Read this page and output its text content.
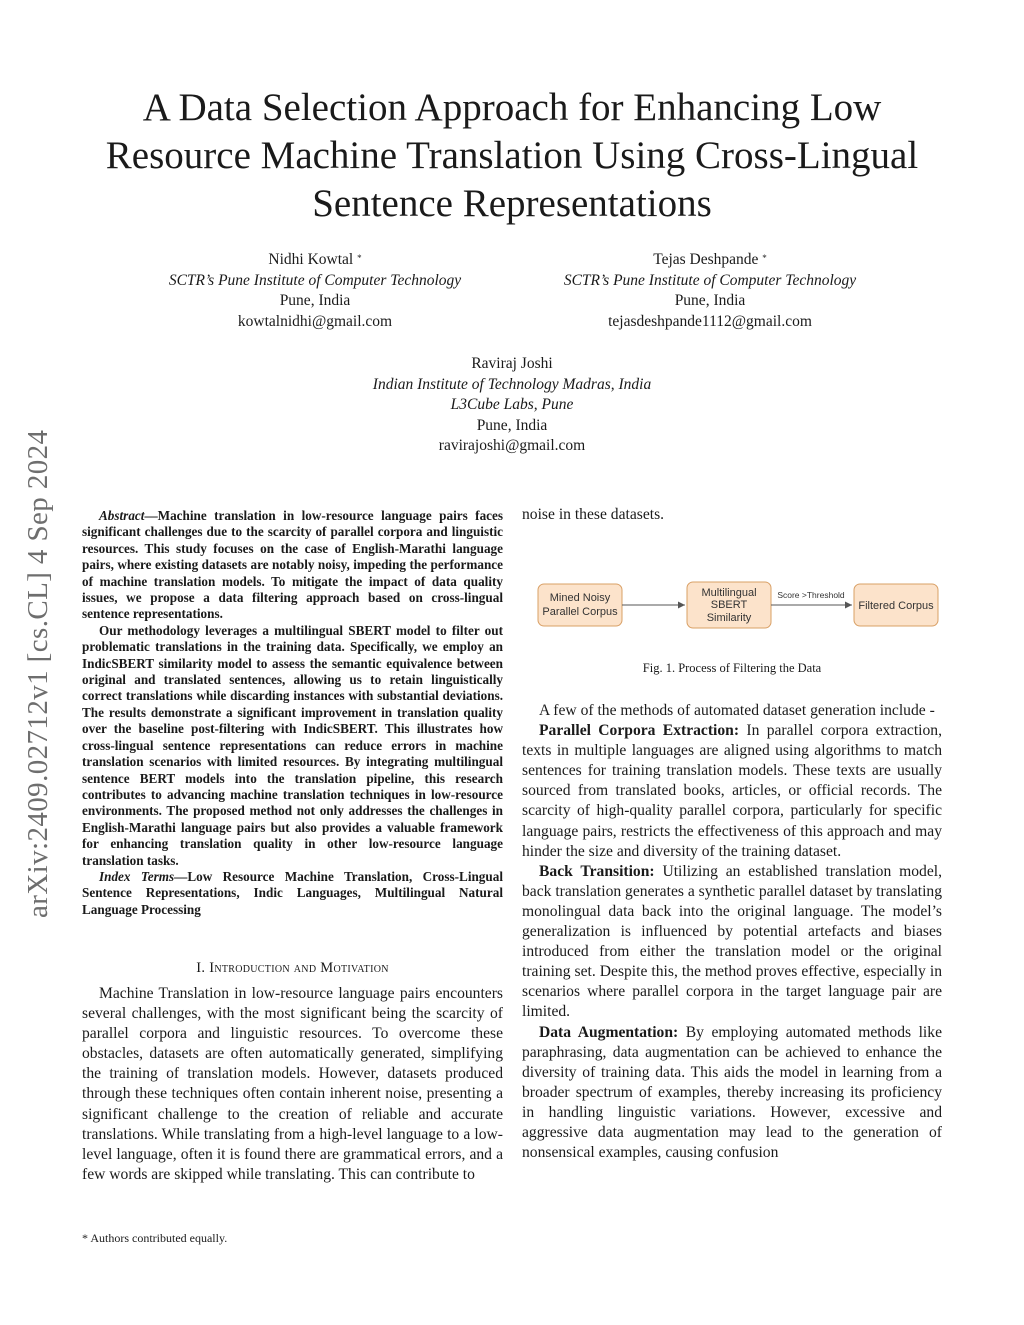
arXiv:2409.02712v1 [cs.CL] 4 Sep 2024
A Data Selection Approach for Enhancing Low
Resource Machine Translation Using Cross-Lingual
Sentence Representations
Nidhi Kowtal *
SCTR’s Pune Institute of Computer Technology
Pune, India
kowtalnidhi@gmail.com
Tejas Deshpande *
SCTR’s Pune Institute of Computer Technology
Pune, India
tejasdeshpande1112@gmail.com
Raviraj Joshi
Indian Institute of Technology Madras, India
L3Cube Labs, Pune
Pune, India
ravirajoshi@gmail.com

Abstract—Machine translation in low-resource language pairs faces significant challenges due to the scarcity of parallel corpora and linguistic resources. This study focuses on the case of English-Marathi language pairs, where existing datasets are notably noisy, impeding the performance of machine translation models. To mitigate the impact of data quality issues, we propose a data filtering approach based on cross-lingual sentence representations.

Our methodology leverages a multilingual SBERT model to filter out problematic translations in the training data. Specifically, we employ an IndicSBERT similarity model to assess the semantic equivalence between original and translated sentences, allowing us to retain linguistically correct translations while discarding instances with substantial deviations. The results demonstrate a significant improvement in translation quality over the baseline post-filtering with IndicSBERT. This illustrates how cross-lingual sentence representations can reduce errors in machine translation scenarios with limited resources. By integrating multilingual sentence BERT models into the translation pipeline, this research contributes to advancing machine translation techniques in low-resource environments. The proposed method not only addresses the challenges in English-Marathi language pairs but also provides a valuable framework for enhancing translation quality in other low-resource language translation tasks.

Index Terms—Low Resource Machine Translation, Cross-Lingual Sentence Representations, Indic Languages, Multilingual Natural Language Processing

I. Introduction and Motivation

Machine Translation in low-resource language pairs encounters several challenges, with the most significant being the scarcity of parallel corpora and linguistic resources. To overcome these obstacles, datasets are often automatically generated, simplifying the training of translation models. However, datasets produced through these techniques often contain inherent noise, presenting a significant challenge to the creation of reliable and accurate translations. While translating from a high-level language to a low-level language, often it is found there are grammatical errors, and a few words are skipped while translating. This can contribute to

* Authors contributed equally.

noise in these datasets.

Mined Noisy
Parallel Corpus
Multilingual
SBERT
Similarity
Score >Threshold
Filtered Corpus
Fig. 1. Process of Filtering the Data

A few of the methods of automated dataset generation include -

Parallel Corpora Extraction: In parallel corpora extraction, texts in multiple languages are aligned using algorithms to match sentences for training translation models. These texts are usually sourced from translated books, articles, or official records. The scarcity of high-quality parallel corpora, particularly for specific language pairs, restricts the effectiveness of this approach and may hinder the size and diversity of the training dataset.

Back Transition: Utilizing an established translation model, back translation generates a synthetic parallel dataset by translating monolingual data back into the original language. The model’s generalization is influenced by potential artefacts and biases introduced from either the translation model or the original training set. Despite this, the method proves effective, especially in scenarios where parallel corpora in the target language pair are limited.

Data Augmentation: By employing automated methods like paraphrasing, data augmentation can be achieved to enhance the diversity of training data. This aids the model in learning from a broader spectrum of examples, thereby increasing its proficiency in handling linguistic variations. However, excessive and aggressive data augmentation may lead to the generation of nonsensical examples, causing confusion
